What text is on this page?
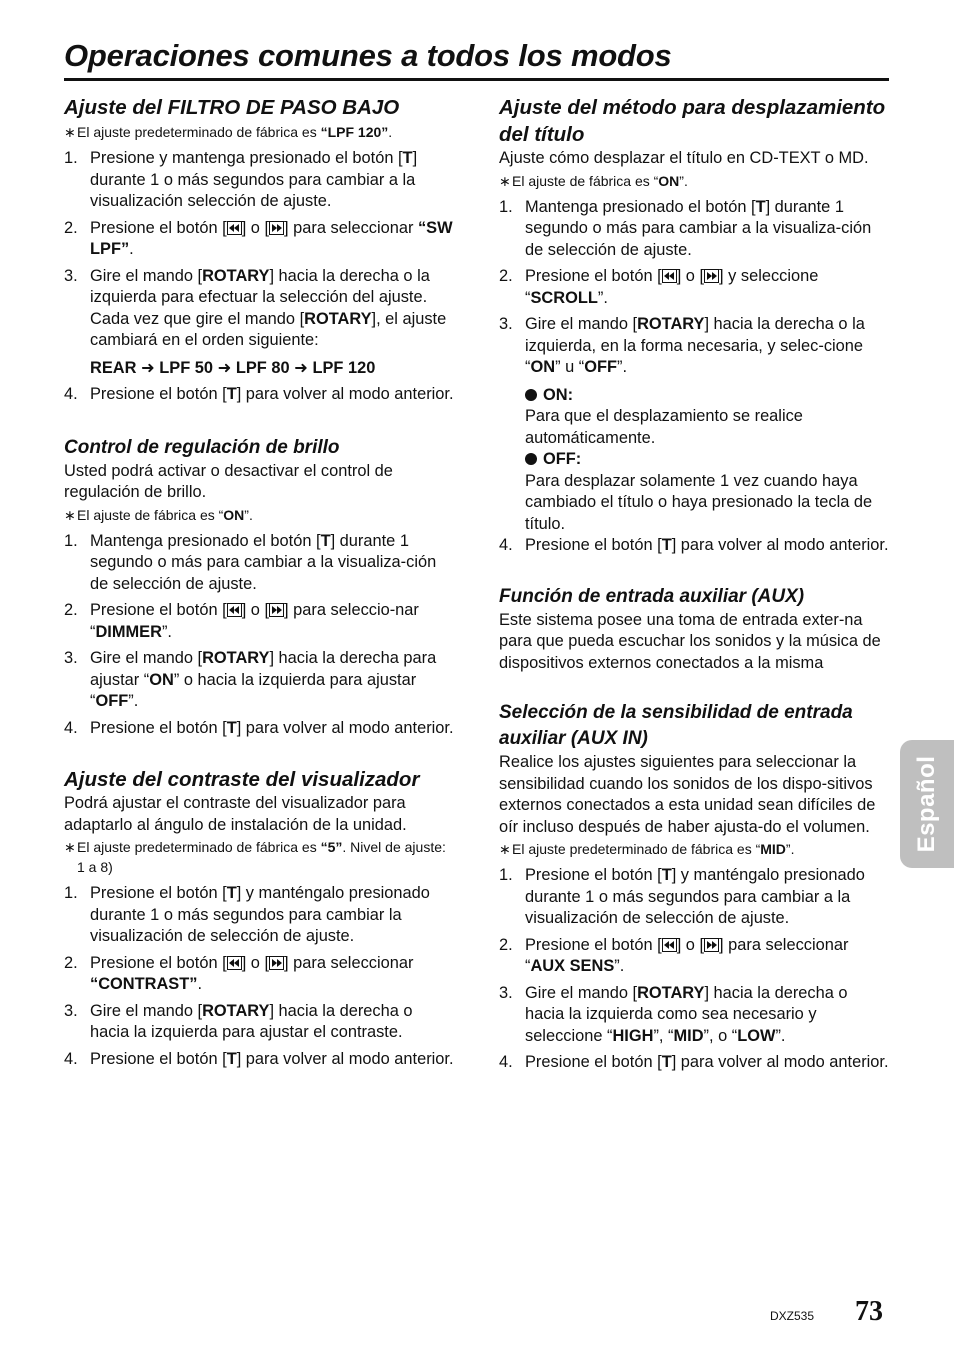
Operaciones comunes a todos los modos
Ajuste del FILTRO DE PASO BAJO

∗El ajuste predeterminado de fábrica es “LPF 120”.

1. Presione y mantenga presionado el botón [T] durante 1 o más segundos para cambiar a la visualización selección de ajuste.
2. Presione el botón [ ] o [ ] para seleccionar “SW LPF”.
3. Gire el mando [ROTARY] hacia la derecha o la izquierda para efectuar la selección del ajuste. Cada vez que gire el mando [ROTARY], el ajuste cambiará en el orden siguiente:
REAR ➜ LPF 50 ➜ LPF 80 ➜ LPF 120
4. Presione el botón [T] para volver al modo anterior.
Control de regulación de brillo

Usted podrá activar o desactivar el control de regulación de brillo.

∗El ajuste de fábrica es “ON”.

1. Mantenga presionado el botón [T] durante 1 segundo o más para cambiar a la visualiza-ción de selección de ajuste.
2. Presione el botón [ ] o [ ] para seleccio-nar “DIMMER”.
3. Gire el mando [ROTARY] hacia la derecha para ajustar “ON” o hacia la izquierda para ajustar “OFF”.
4. Presione el botón [T] para volver al modo anterior.
Ajuste del contraste del visualizador

Podrá ajustar el contraste del visualizador para adaptarlo al ángulo de instalación de la unidad.

∗El ajuste predeterminado de fábrica es “5”. Nivel de ajuste: 1 a 8)

1. Presione el botón [T] y manténgalo presionado durante 1 o más segundos para cambiar la visualización de selección de ajuste.
2. Presione el botón [ ] o [ ] para seleccionar “CONTRAST”.
3. Gire el mando [ROTARY] hacia la derecha o hacia la izquierda para ajustar el contraste.
4. Presione el botón [T] para volver al modo anterior.
Ajuste del método para desplazamiento del título

Ajuste cómo desplazar el título en CD-TEXT o MD.

∗El ajuste de fábrica es “ON”.

1. Mantenga presionado el botón [T] durante 1 segundo o más para cambiar a la visualiza-ción de selección de ajuste.
2. Presione el botón [ ] o [ ] y seleccione “SCROLL”.
3. Gire el mando [ROTARY] hacia la derecha o la izquierda, en la forma necesaria, y selec-cione “ON” u “OFF”.
ON:
Para que el desplazamiento se realice automáticamente.
OFF:
Para desplazar solamente 1 vez cuando haya cambiado el título o haya presionado la tecla de título.
4. Presione el botón [T] para volver al modo anterior.
Función de entrada auxiliar (AUX)

Este sistema posee una toma de entrada exter-na para que pueda escuchar los sonidos y la música de dispositivos externos conectados a la misma

Selección de la sensibilidad de entrada auxiliar (AUX IN)

Realice los ajustes siguientes para seleccionar la sensibilidad cuando los sonidos de los dispo-sitivos externos conectados a esta unidad sean difíciles de oír incluso después de haber ajusta-do el volumen.

∗El ajuste predeterminado de fábrica es “MID”.

1. Presione el botón [T] y manténgalo presionado durante 1 o más segundos para cambiar a la visualización de selección de ajuste.
2. Presione el botón [ ] o [ ] para seleccionar “AUX SENS”.
3. Gire el mando [ROTARY] hacia la derecha o hacia la izquierda como sea necesario y seleccione “HIGH”, “MID”, o “LOW”.
4. Presione el botón [T] para volver al modo anterior.
Español
DXZ535 73
